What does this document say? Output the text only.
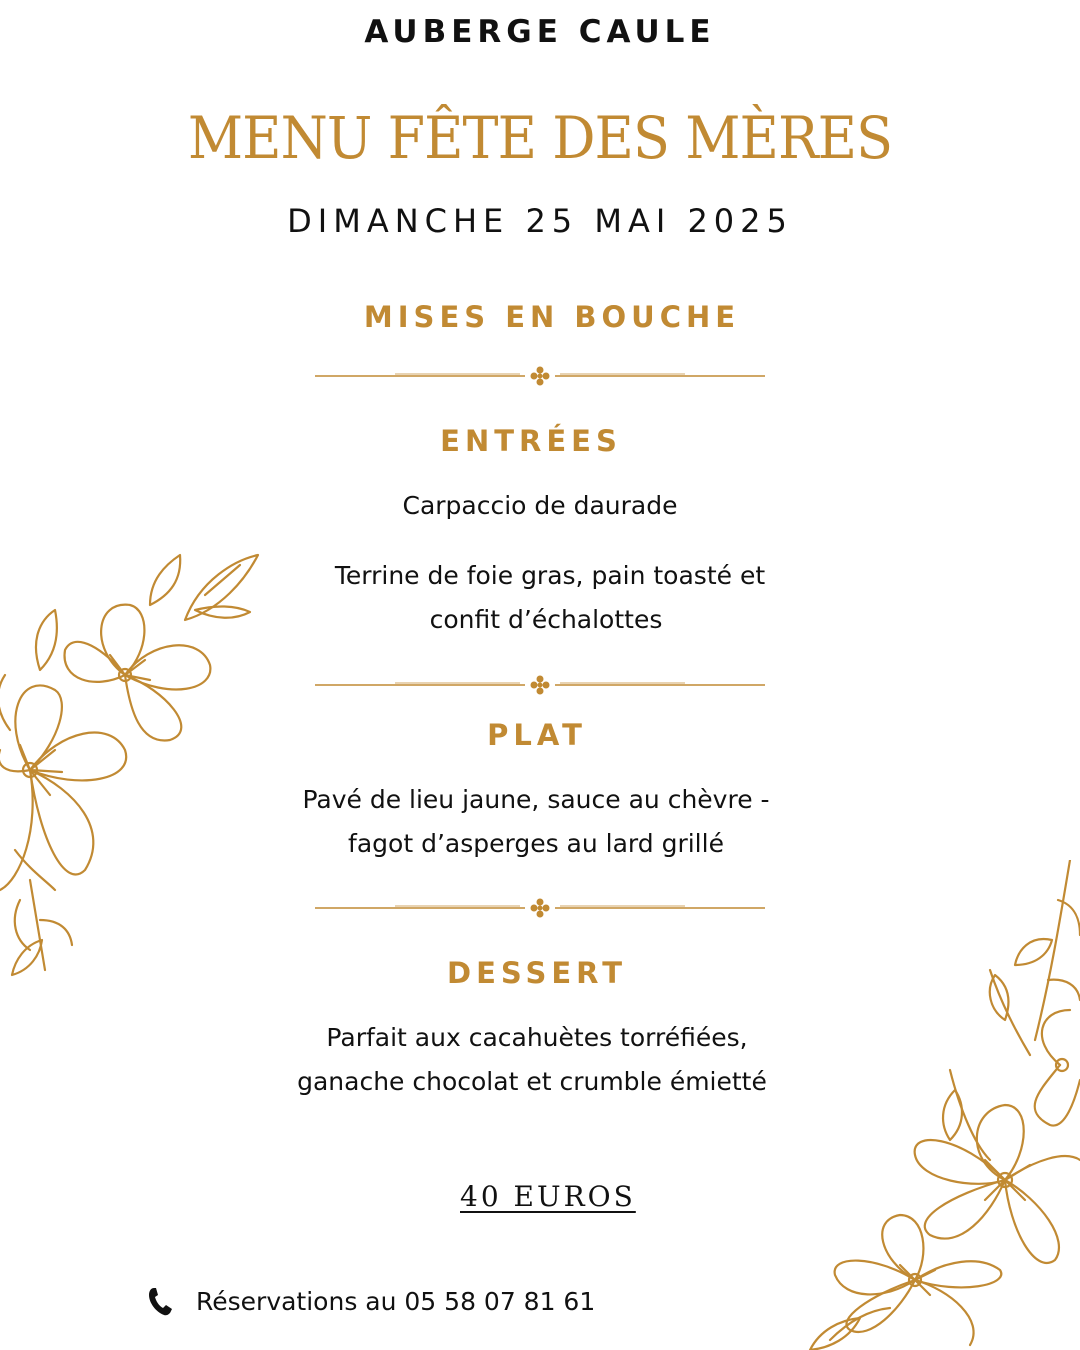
AUBERGE CAULE
MENU FÊTE DES MÈRES
DIMANCHE 25 MAI 2025
MISES EN BOUCHE
ENTRÉES
Carpaccio de daurade
Terrine de foie gras, pain toasté et
confit d’échalottes
PLAT
Pavé de lieu jaune, sauce au chèvre -
fagot d’asperges au lard grillé
DESSERT
Parfait aux cacahuètes torréfiées,
ganache chocolat et crumble émietté
40 EUROS
Réservations au 05 58 07 81 61
